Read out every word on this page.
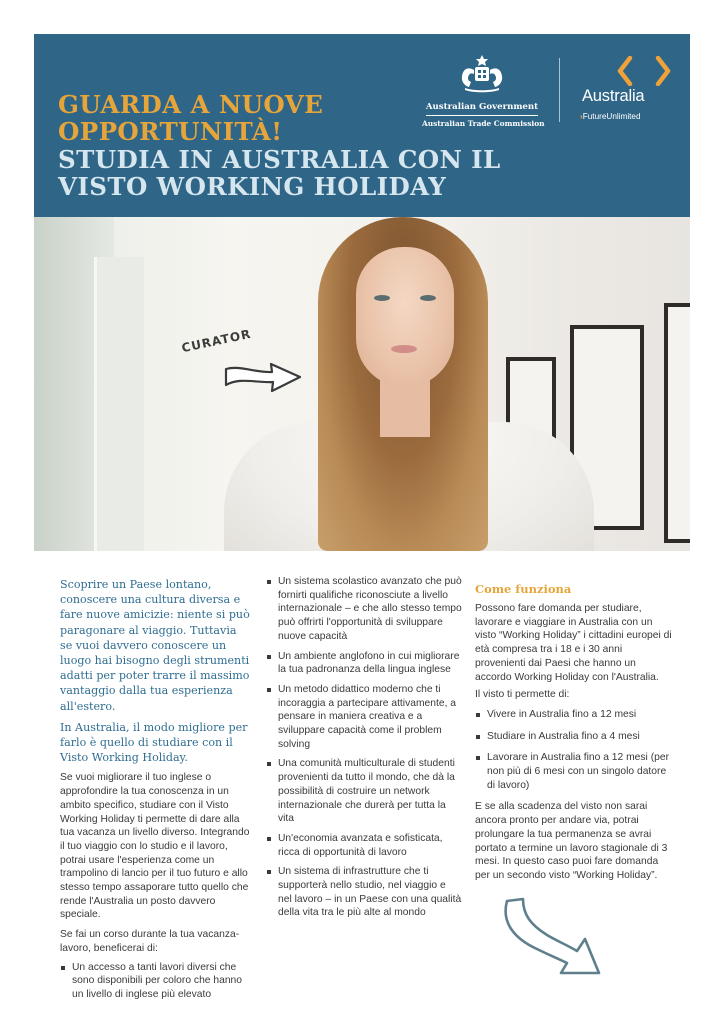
GUARDA A NUOVE
OPPORTUNITÀ!
STUDIA IN AUSTRALIA CON IL
VISTO WORKING HOLIDAY
Australian Government
Australian Trade Commission
Australia
›FutureUnlimited
CURATOR

Scoprire un Paese lontano, conoscere una cultura diversa e fare nuove amicizie: niente si può paragonare al viaggio. Tuttavia se vuoi davvero conoscere un luogo hai bisogno degli strumenti adatti per poter trarre il massimo vantaggio dalla tua esperienza all'estero.

In Australia, il modo migliore per farlo è quello di studiare con il Visto Working Holiday.

Se vuoi migliorare il tuo inglese o approfondire la tua conoscenza in un ambito specifico, studiare con il Visto Working Holiday ti permette di dare alla tua vacanza un livello diverso. Integrando il tuo viaggio con lo studio e il lavoro, potrai usare l'esperienza come un trampolino di lancio per il tuo futuro e allo stesso tempo assaporare tutto quello che rende l'Australia un posto davvero speciale.

Se fai un corso durante la tua vacanza-lavoro, beneficerai di:

Un accesso a tanti lavori diversi che sono disponibili per coloro che hanno un livello di inglese più elevato
Un sistema scolastico avanzato che può fornirti qualifiche riconosciute a livello internazionale – e che allo stesso tempo può offrirti l'opportunità di sviluppare nuove capacità
Un ambiente anglofono in cui migliorare la tua padronanza della lingua inglese
Un metodo didattico moderno che ti incoraggia a partecipare attivamente, a pensare in maniera creativa e a sviluppare capacità come il problem solving
Una comunità multiculturale di studenti provenienti da tutto il mondo, che dà la possibilità di costruire un network internazionale che durerà per tutta la vita
Un'economia avanzata e sofisticata, ricca di opportunità di lavoro
Un sistema di infrastrutture che ti supporterà nello studio, nel viaggio e nel lavoro – in un Paese con una qualità della vita tra le più alte al mondo
Come funziona

Possono fare domanda per studiare, lavorare e viaggiare in Australia con un visto “Working Holiday” i cittadini europei di età compresa tra i 18 e i 30 anni provenienti dai Paesi che hanno un accordo Working Holiday con l'Australia.

Il visto ti permette di:

Vivere in Australia fino a 12 mesi
Studiare in Australia fino a 4 mesi
Lavorare in Australia fino a 12 mesi (per non più di 6 mesi con un singolo datore di lavoro)

E se alla scadenza del visto non sarai ancora pronto per andare via, potrai prolungare la tua permanenza se avrai portato a termine un lavoro stagionale di 3 mesi. In questo caso puoi fare domanda per un secondo visto “Working Holiday”.
